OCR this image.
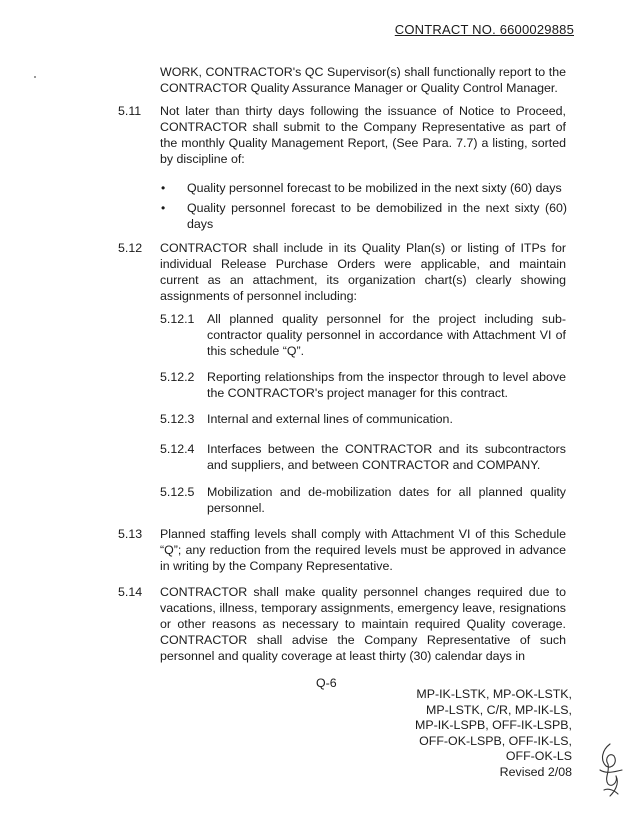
CONTRACT NO. 6600029885
WORK, CONTRACTOR's QC Supervisor(s) shall functionally report to the CONTRACTOR Quality Assurance Manager or Quality Control Manager.
5.11 Not later than thirty days following the issuance of Notice to Proceed, CONTRACTOR shall submit to the Company Representative as part of the monthly Quality Management Report, (See Para. 7.7) a listing, sorted by discipline of:
• Quality personnel forecast to be mobilized in the next sixty (60) days
• Quality personnel forecast to be demobilized in the next sixty (60) days
5.12 CONTRACTOR shall include in its Quality Plan(s) or listing of ITPs for individual Release Purchase Orders were applicable, and maintain current as an attachment, its organization chart(s) clearly showing assignments of personnel including:
5.12.1 All planned quality personnel for the project including sub-contractor quality personnel in accordance with Attachment VI of this schedule “Q”.
5.12.2 Reporting relationships from the inspector through to level above the CONTRACTOR's project manager for this contract.
5.12.3 Internal and external lines of communication.
5.12.4 Interfaces between the CONTRACTOR and its subcontractors and suppliers, and between CONTRACTOR and COMPANY.
5.12.5 Mobilization and de-mobilization dates for all planned quality personnel.
5.13 Planned staffing levels shall comply with Attachment VI of this Schedule “Q”; any reduction from the required levels must be approved in advance in writing by the Company Representative.
5.14 CONTRACTOR shall make quality personnel changes required due to vacations, illness, temporary assignments, emergency leave, resignations or other reasons as necessary to maintain required Quality coverage. CONTRACTOR shall advise the Company Representative of such personnel and quality coverage at least thirty (30) calendar days in
Q-6
MP-IK-LSTK, MP-OK-LSTK,
MP-LSTK, C/R, MP-IK-LS,
MP-IK-LSPB, OFF-IK-LSPB,
OFF-OK-LSPB, OFF-IK-LS,
OFF-OK-LS
Revised 2/08
